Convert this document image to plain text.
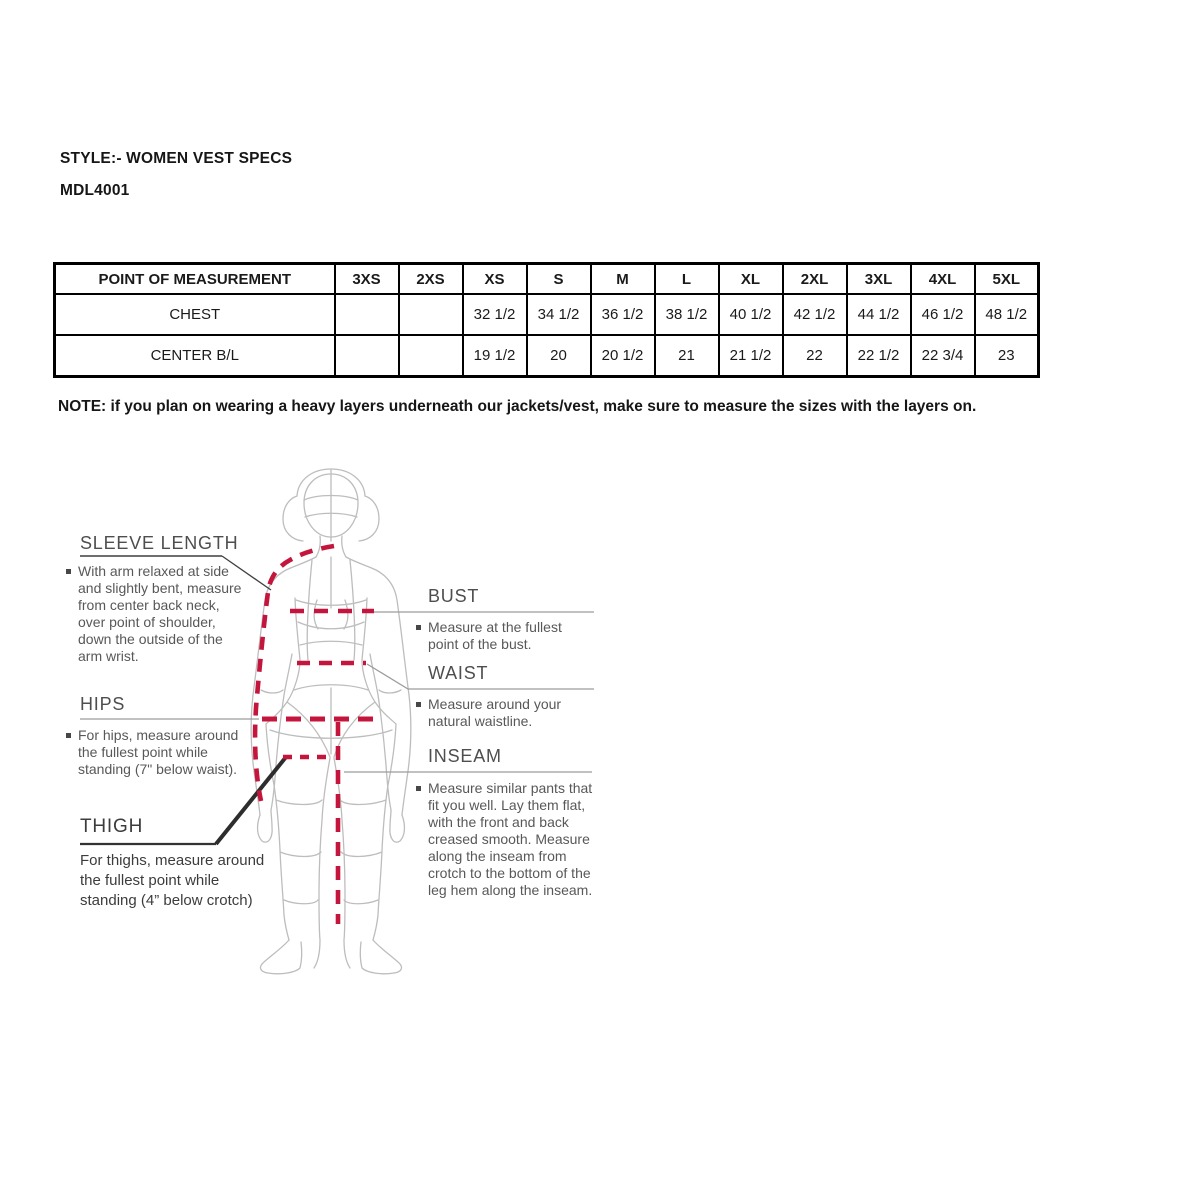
STYLE:- WOMEN VEST SPECS
MDL4001
POINT OF MEASUREMENT	3XS	2XS	XS	S	M	L	XL	2XL	3XL	4XL	5XL
CHEST			32 1/2	34 1/2	36 1/2	38 1/2	40 1/2	42 1/2	44 1/2	46 1/2	48 1/2
CENTER B/L			19 1/2	20	20 1/2	21	21 1/2	22	22 1/2	22 3/4	23
NOTE: if you plan on wearing a heavy layers underneath our jackets/vest, make sure to measure the sizes with the layers on.
SLEEVE LENGTH

With arm relaxed at side and slightly bent, measure from center back neck, over point of shoulder, down the outside of the arm wrist.

HIPS

For hips, measure around the fullest point while standing (7" below waist).

THIGH

For thighs, measure around the fullest point while standing (4” below crotch)

BUST

Measure at the fullest point of the bust.

WAIST

Measure around your natural waistline.

INSEAM

Measure similar pants that fit you well. Lay them flat, with the front and back creased smooth. Measure along the inseam from crotch to the bottom of the leg hem along the inseam.
